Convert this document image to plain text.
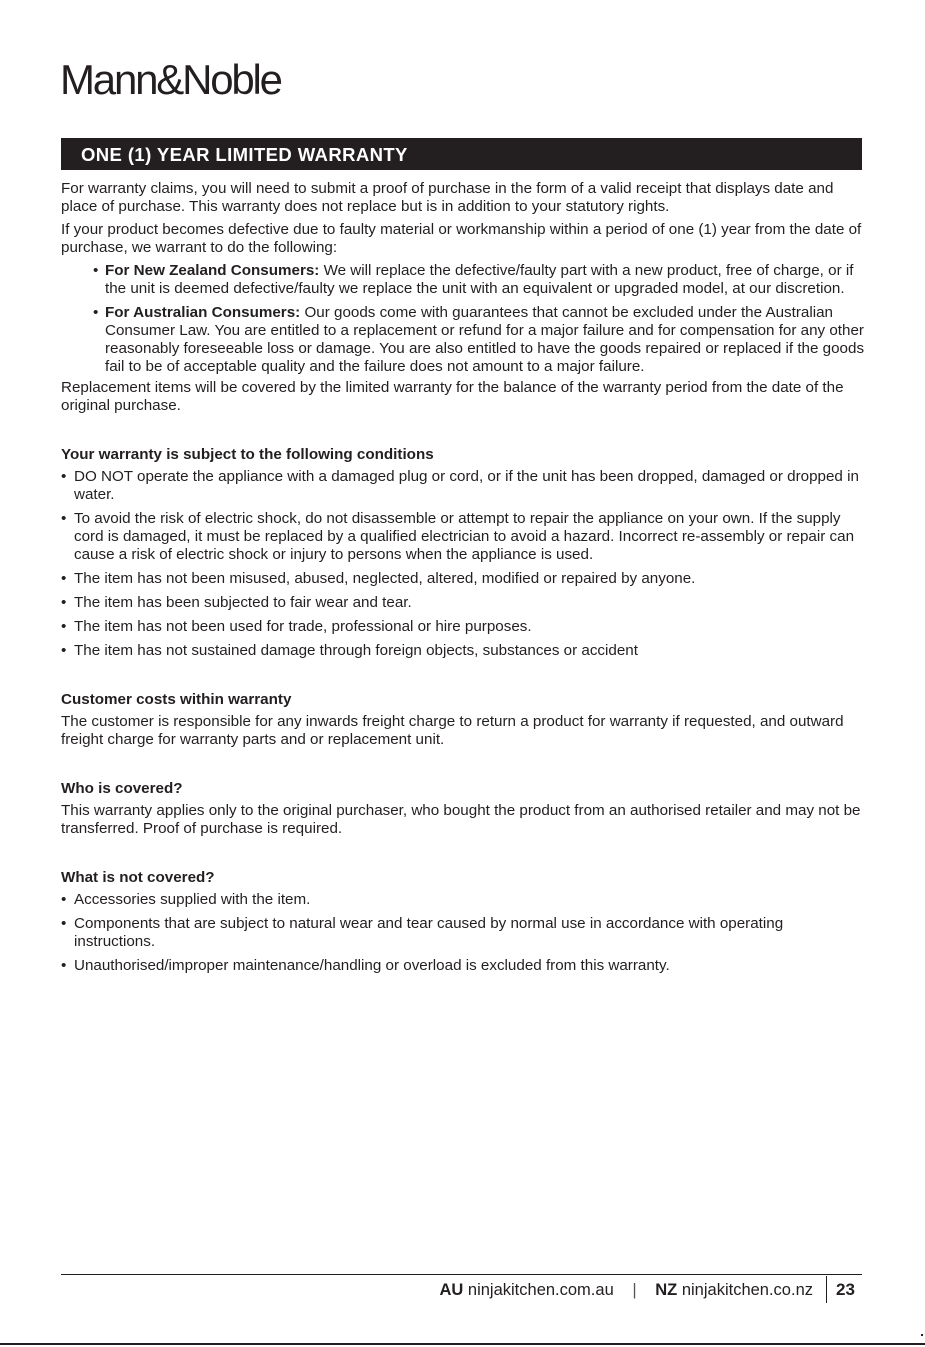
Mann&Noble
ONE (1) YEAR LIMITED WARRANTY

For warranty claims, you will need to submit a proof of purchase in the form of a valid receipt that displays date and place of purchase. This warranty does not replace but is in addition to your statutory rights.

If your product becomes defective due to faulty material or workmanship within a period of one (1) year from the date of purchase, we warrant to do the following:

• For New Zealand Consumers: We will replace the defective/faulty part with a new product, free of charge, or if the unit is deemed defective/faulty we replace the unit with an equivalent or upgraded model, at our discretion.
• For Australian Consumers: Our goods come with guarantees that cannot be excluded under the Australian Consumer Law. You are entitled to a replacement or refund for a major failure and for compensation for any other reasonably foreseeable loss or damage. You are also entitled to have the goods repaired or replaced if the goods fail to be of acceptable quality and the failure does not amount to a major failure.

Replacement items will be covered by the limited warranty for the balance of the warranty period from the date of the original purchase.

Your warranty is subject to the following conditions

• DO NOT operate the appliance with a damaged plug or cord, or if the unit has been dropped, damaged or dropped in water.
• To avoid the risk of electric shock, do not disassemble or attempt to repair the appliance on your own. If the supply cord is damaged, it must be replaced by a qualified electrician to avoid a hazard. Incorrect re-assembly or repair can cause a risk of electric shock or injury to persons when the appliance is used.
• The item has not been misused, abused, neglected, altered, modified or repaired by anyone.
• The item has been subjected to fair wear and tear.
• The item has not been used for trade, professional or hire purposes.
• The item has not sustained damage through foreign objects, substances or accident

Customer costs within warranty

The customer is responsible for any inwards freight charge to return a product for warranty if requested, and outward freight charge for warranty parts and or replacement unit.

Who is covered?

This warranty applies only to the original purchaser, who bought the product from an authorised retailer and may not be transferred. Proof of purchase is required.

What is not covered?

• Accessories supplied with the item.
• Components that are subject to natural wear and tear caused by normal use in accordance with operating instructions.
• Unauthorised/improper maintenance/handling or overload is excluded from this warranty.
AU ninjakitchen.com.au | NZ ninjakitchen.co.nz 23
